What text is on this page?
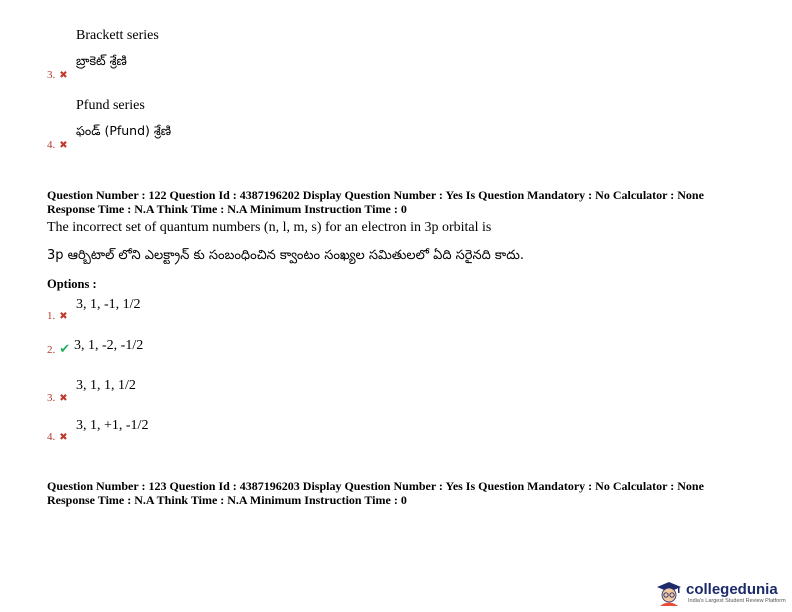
Brackett series
బ్రాకెట్ శ్రేణి
3. ✖
Pfund series
ఫండ్ (Pfund) శ్రేణి
4. ✖
Question Number : 122 Question Id : 4387196202 Display Question Number : Yes Is Question Mandatory : No Calculator : None
Response Time : N.A Think Time : N.A Minimum Instruction Time : 0
The incorrect set of quantum numbers (n, l, m, s) for an electron in 3p orbital is
3p ఆర్బిటాల్ లోని ఎలక్ట్రాన్ కు సంబంధించిన క్వాంటం సంఖ్యల సమితులలో ఏది సరైనది కాదు.
Options :
3, 1, -1, 1/2
1. ✖
2. ✔ 3, 1, -2, -1/2
3, 1, 1, 1/2
3. ✖
3, 1, +1, -1/2
4. ✖
Question Number : 123 Question Id : 4387196203 Display Question Number : Yes Is Question Mandatory : No Calculator : None
Response Time : N.A Think Time : N.A Minimum Instruction Time : 0
collegedunia
India's Largest Student Review Platform
